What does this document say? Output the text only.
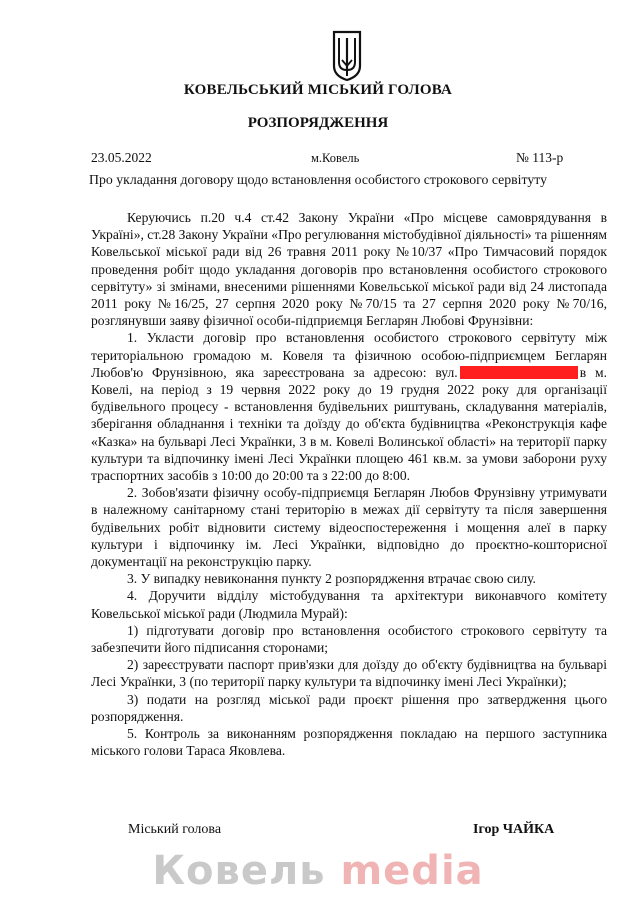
КОВЕЛЬСЬКИЙ МІСЬКИЙ ГОЛОВА
РОЗПОРЯДЖЕННЯ
23.05.2022	м.Ковель	№ 113-р
Про укладання договору щодо встановлення особистого строкового сервітуту

Керуючись п.20 ч.4 ст.42 Закону України «Про місцеве самоврядування в Україні», ст.28 Закону України «Про регулювання містобудівної діяльності» та рішенням Ковельської міської ради від 26 травня 2011 року №10/37 «Про Тимчасовий порядок проведення робіт щодо укладання договорів про встановлення особистого строкового сервітуту» зі змінами, внесеними рішеннями Ковельської міської ради від 24 листопада 2011 року №16/25, 27 серпня 2020 року №70/15 та 27 серпня 2020 року №70/16, розглянувши заяву фізичної особи-підприємця Бегларян Любові Фрунзівни:

1. Укласти договір про встановлення особистого строкового сервітуту між територіальною громадою м. Ковеля та фізичною особою-підприємцем Бегларян Любов'ю Фрунзівною, яка зареєстрована за адресою: вул.	в м. Ковелі, на період з 19 червня 2022 року до 19 грудня 2022 року для організації будівельного процесу - встановлення будівельних риштувань, складування матеріалів, зберігання обладнання і техніки та доїзду до об'єкта будівництва «Реконструкція кафе «Казка» на бульварі Лесі Українки, 3 в м. Ковелі Волинської області» на території парку культури та відпочинку імені Лесі Українки площею 461 кв.м. за умови заборони руху траспортних засобів з 10:00 до 20:00 та з 22:00 до 8:00.

2. Зобов'язати фізичну особу-підприємця Бегларян Любов Фрунзівну утримувати в належному санітарному стані територію в межах дії сервітуту та після завершення будівельних робіт відновити систему відеоспостереження і мощення алеї в парку культури і відпочинку ім. Лесі Українки, відповідно до проєктно-кошторисної документації на реконструкцію парку.

3. У випадку невиконання пункту 2 розпорядження втрачає свою силу.

4. Доручити відділу містобудування та архітектури виконавчого комітету Ковельської міської ради (Людмила Мурай):

1) підготувати договір про встановлення особистого строкового сервітуту та забезпечити його підписання сторонами;

2) зареєструвати паспорт прив'язки для доїзду до об'єкту будівництва на бульварі Лесі Українки, 3 (по території парку культури та відпочинку імені Лесі Українки);

3) подати на розгляд міської ради проєкт рішення про затвердження цього розпорядження.

5. Контроль за виконанням розпорядження покладаю на першого заступника міського голови Тараса Яковлева.

Міський голова	Ігор ЧАЙКА
Ковель media
